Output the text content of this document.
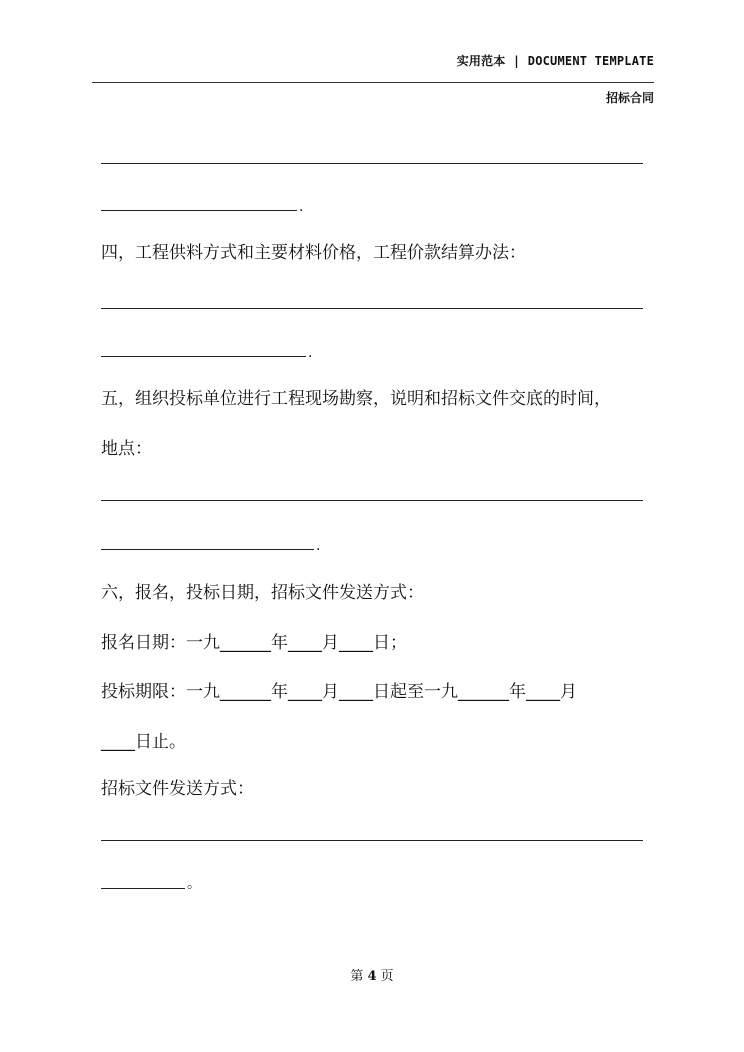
实用范本 | DOCUMENT TEMPLATE
招标合同
.
四，工程供料方式和主要材料价格，工程价款结算办法：
.
五，组织投标单位进行工程现场勘察，说明和招标文件交底的时间，
地点：
.
六，报名，投标日期，招标文件发送方式：
报名日期：一九______年____月____日；
投标期限：一九______年____月____日起至一九______年____月
____日止。
招标文件发送方式：
。
第 4 页
